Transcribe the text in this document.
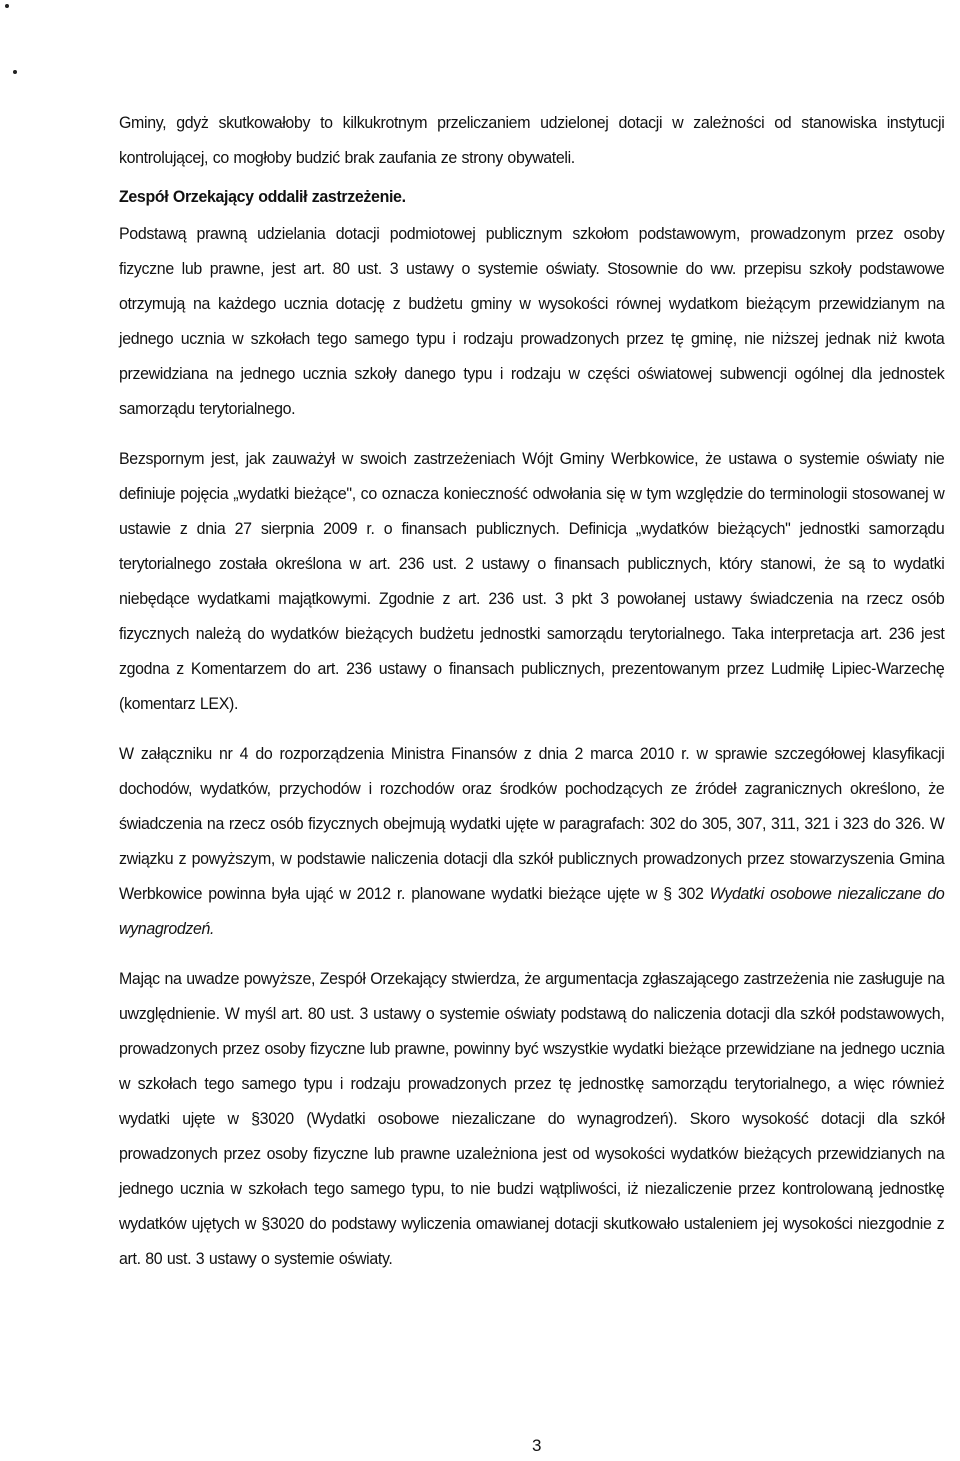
Gminy, gdyż skutkowałoby to kilkukrotnym przeliczaniem udzielonej dotacji w zależności od stanowiska instytucji kontrolującej, co mogłoby budzić brak zaufania ze strony obywateli.

Zespół Orzekający oddalił zastrzeżenie.

Podstawą prawną udzielania dotacji podmiotowej publicznym szkołom podstawowym, prowadzonym przez osoby fizyczne lub prawne, jest art. 80 ust. 3 ustawy o systemie oświaty. Stosownie do ww. przepisu szkoły podstawowe otrzymują na każdego ucznia dotację z budżetu gminy w wysokości równej wydatkom bieżącym przewidzianym na jednego ucznia w szkołach tego samego typu i rodzaju prowadzonych przez tę gminę, nie niższej jednak niż kwota przewidziana na jednego ucznia szkoły danego typu i rodzaju w części oświatowej subwencji ogólnej dla jednostek samorządu terytorialnego.

Bezspornym jest, jak zauważył w swoich zastrzeżeniach Wójt Gminy Werbkowice, że ustawa o systemie oświaty nie definiuje pojęcia „wydatki bieżące", co oznacza konieczność odwołania się w tym względzie do terminologii stosowanej w ustawie z dnia 27 sierpnia 2009 r. o finansach publicznych. Definicja „wydatków bieżących" jednostki samorządu terytorialnego została określona w art. 236 ust. 2 ustawy o finansach publicznych, który stanowi, że są to wydatki niebędące wydatkami majątkowymi. Zgodnie z art. 236 ust. 3 pkt 3 powołanej ustawy świadczenia na rzecz osób fizycznych należą do wydatków bieżących budżetu jednostki samorządu terytorialnego. Taka interpretacja art. 236 jest zgodna z Komentarzem do art. 236 ustawy o finansach publicznych, prezentowanym przez Ludmiłę Lipiec-Warzechę (komentarz LEX).

W załączniku nr 4 do rozporządzenia Ministra Finansów z dnia 2 marca 2010 r. w sprawie szczegółowej klasyfikacji dochodów, wydatków, przychodów i rozchodów oraz środków pochodzących ze źródeł zagranicznych określono, że świadczenia na rzecz osób fizycznych obejmują wydatki ujęte w paragrafach: 302 do 305, 307, 311, 321 i 323 do 326. W związku z powyższym, w podstawie naliczenia dotacji dla szkół publicznych prowadzonych przez stowarzyszenia Gmina Werbkowice powinna była ująć w 2012 r. planowane wydatki bieżące ujęte w § 302 Wydatki osobowe niezaliczane do wynagrodzeń.

Mając na uwadze powyższe, Zespół Orzekający stwierdza, że argumentacja zgłaszającego zastrzeżenia nie zasługuje na uwzględnienie. W myśl art. 80 ust. 3 ustawy o systemie oświaty podstawą do naliczenia dotacji dla szkół podstawowych, prowadzonych przez osoby fizyczne lub prawne, powinny być wszystkie wydatki bieżące przewidziane na jednego ucznia w szkołach tego samego typu i rodzaju prowadzonych przez tę jednostkę samorządu terytorialnego, a więc również wydatki ujęte w §3020 (Wydatki osobowe niezaliczane do wynagrodzeń). Skoro wysokość dotacji dla szkół prowadzonych przez osoby fizyczne lub prawne uzależniona jest od wysokości wydatków bieżących przewidzianych na jednego ucznia w szkołach tego samego typu, to nie budzi wątpliwości, iż niezaliczenie przez kontrolowaną jednostkę wydatków ujętych w §3020 do podstawy wyliczenia omawianej dotacji skutkowało ustaleniem jej wysokości niezgodnie z art. 80 ust. 3 ustawy o systemie oświaty.

3
